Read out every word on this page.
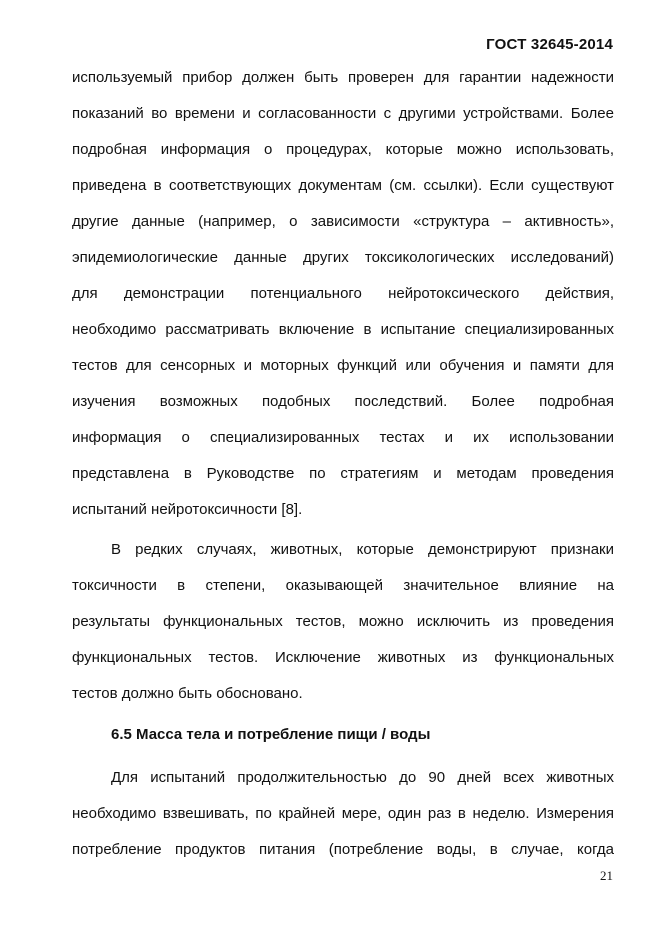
ГОСТ 32645-2014
используемый прибор должен быть проверен для гарантии надежности
показаний во времени и согласованности с другими устройствами. Более
подробная информация о процедурах, которые можно использовать,
приведена в соответствующих документам (см. ссылки). Если существуют
другие данные (например, о зависимости «структура – активность»,
эпидемиологические данные других токсикологических исследований)
для демонстрации потенциального нейротоксического действия,
необходимо рассматривать включение в испытание специализированных
тестов для сенсорных и моторных функций или обучения и памяти для
изучения возможных подобных последствий. Более подробная
информация о специализированных тестах и их использовании
представлена в Руководстве по стратегиям и методам проведения
испытаний нейротоксичности [8].
В редких случаях, животных, которые демонстрируют признаки
токсичности в степени, оказывающей значительное влияние на
результаты функциональных тестов, можно исключить из проведения
функциональных тестов. Исключение животных из функциональных
тестов должно быть обосновано.
6.5 Масса тела и потребление пищи / воды
Для испытаний продолжительностью до 90 дней всех животных
необходимо взвешивать, по крайней мере, один раз в неделю. Измерения
потребление продуктов питания (потребление воды, в случае, когда
21
